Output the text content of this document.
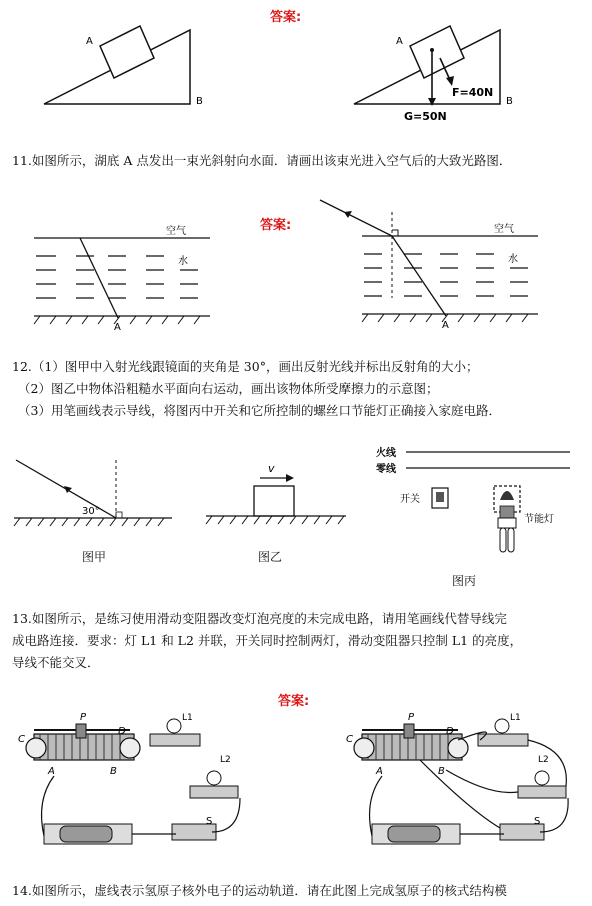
答案:
A
B
A
B
F=40N
G=50N
11.如图所示，湖底 A 点发出一束光斜射向水面．请画出该束光进入空气后的大致光路图．
答案:
空气
水
A
空气
水
A
12.（1）图甲中入射光线跟镜面的夹角是 30°，画出反射光线并标出反射角的大小；
（2）图乙中物体沿粗糙水平面向右运动，画出该物体所受摩擦力的示意图；
（3）用笔画线表示导线，将图丙中开关和它所控制的螺丝口节能灯正确接入家庭电路．
30°
图甲
v
图乙
火线
零线
开关
节能灯
图丙
13.如图所示，是练习使用滑动变阻器改变灯泡亮度的未完成电路，请用笔画线代替导线完
成电路连接．要求：灯 L1 和 L2 并联，开关同时控制两灯，滑动变阻器只控制 L1 的亮度，
导线不能交叉．
答案:
C
P
D
A	B
L1
L2
S
C
P
D
A	B
L1
L2
S
14.如图所示，虚线表示氢原子核外电子的运动轨道．请在此图上完成氢原子的核式结构模
